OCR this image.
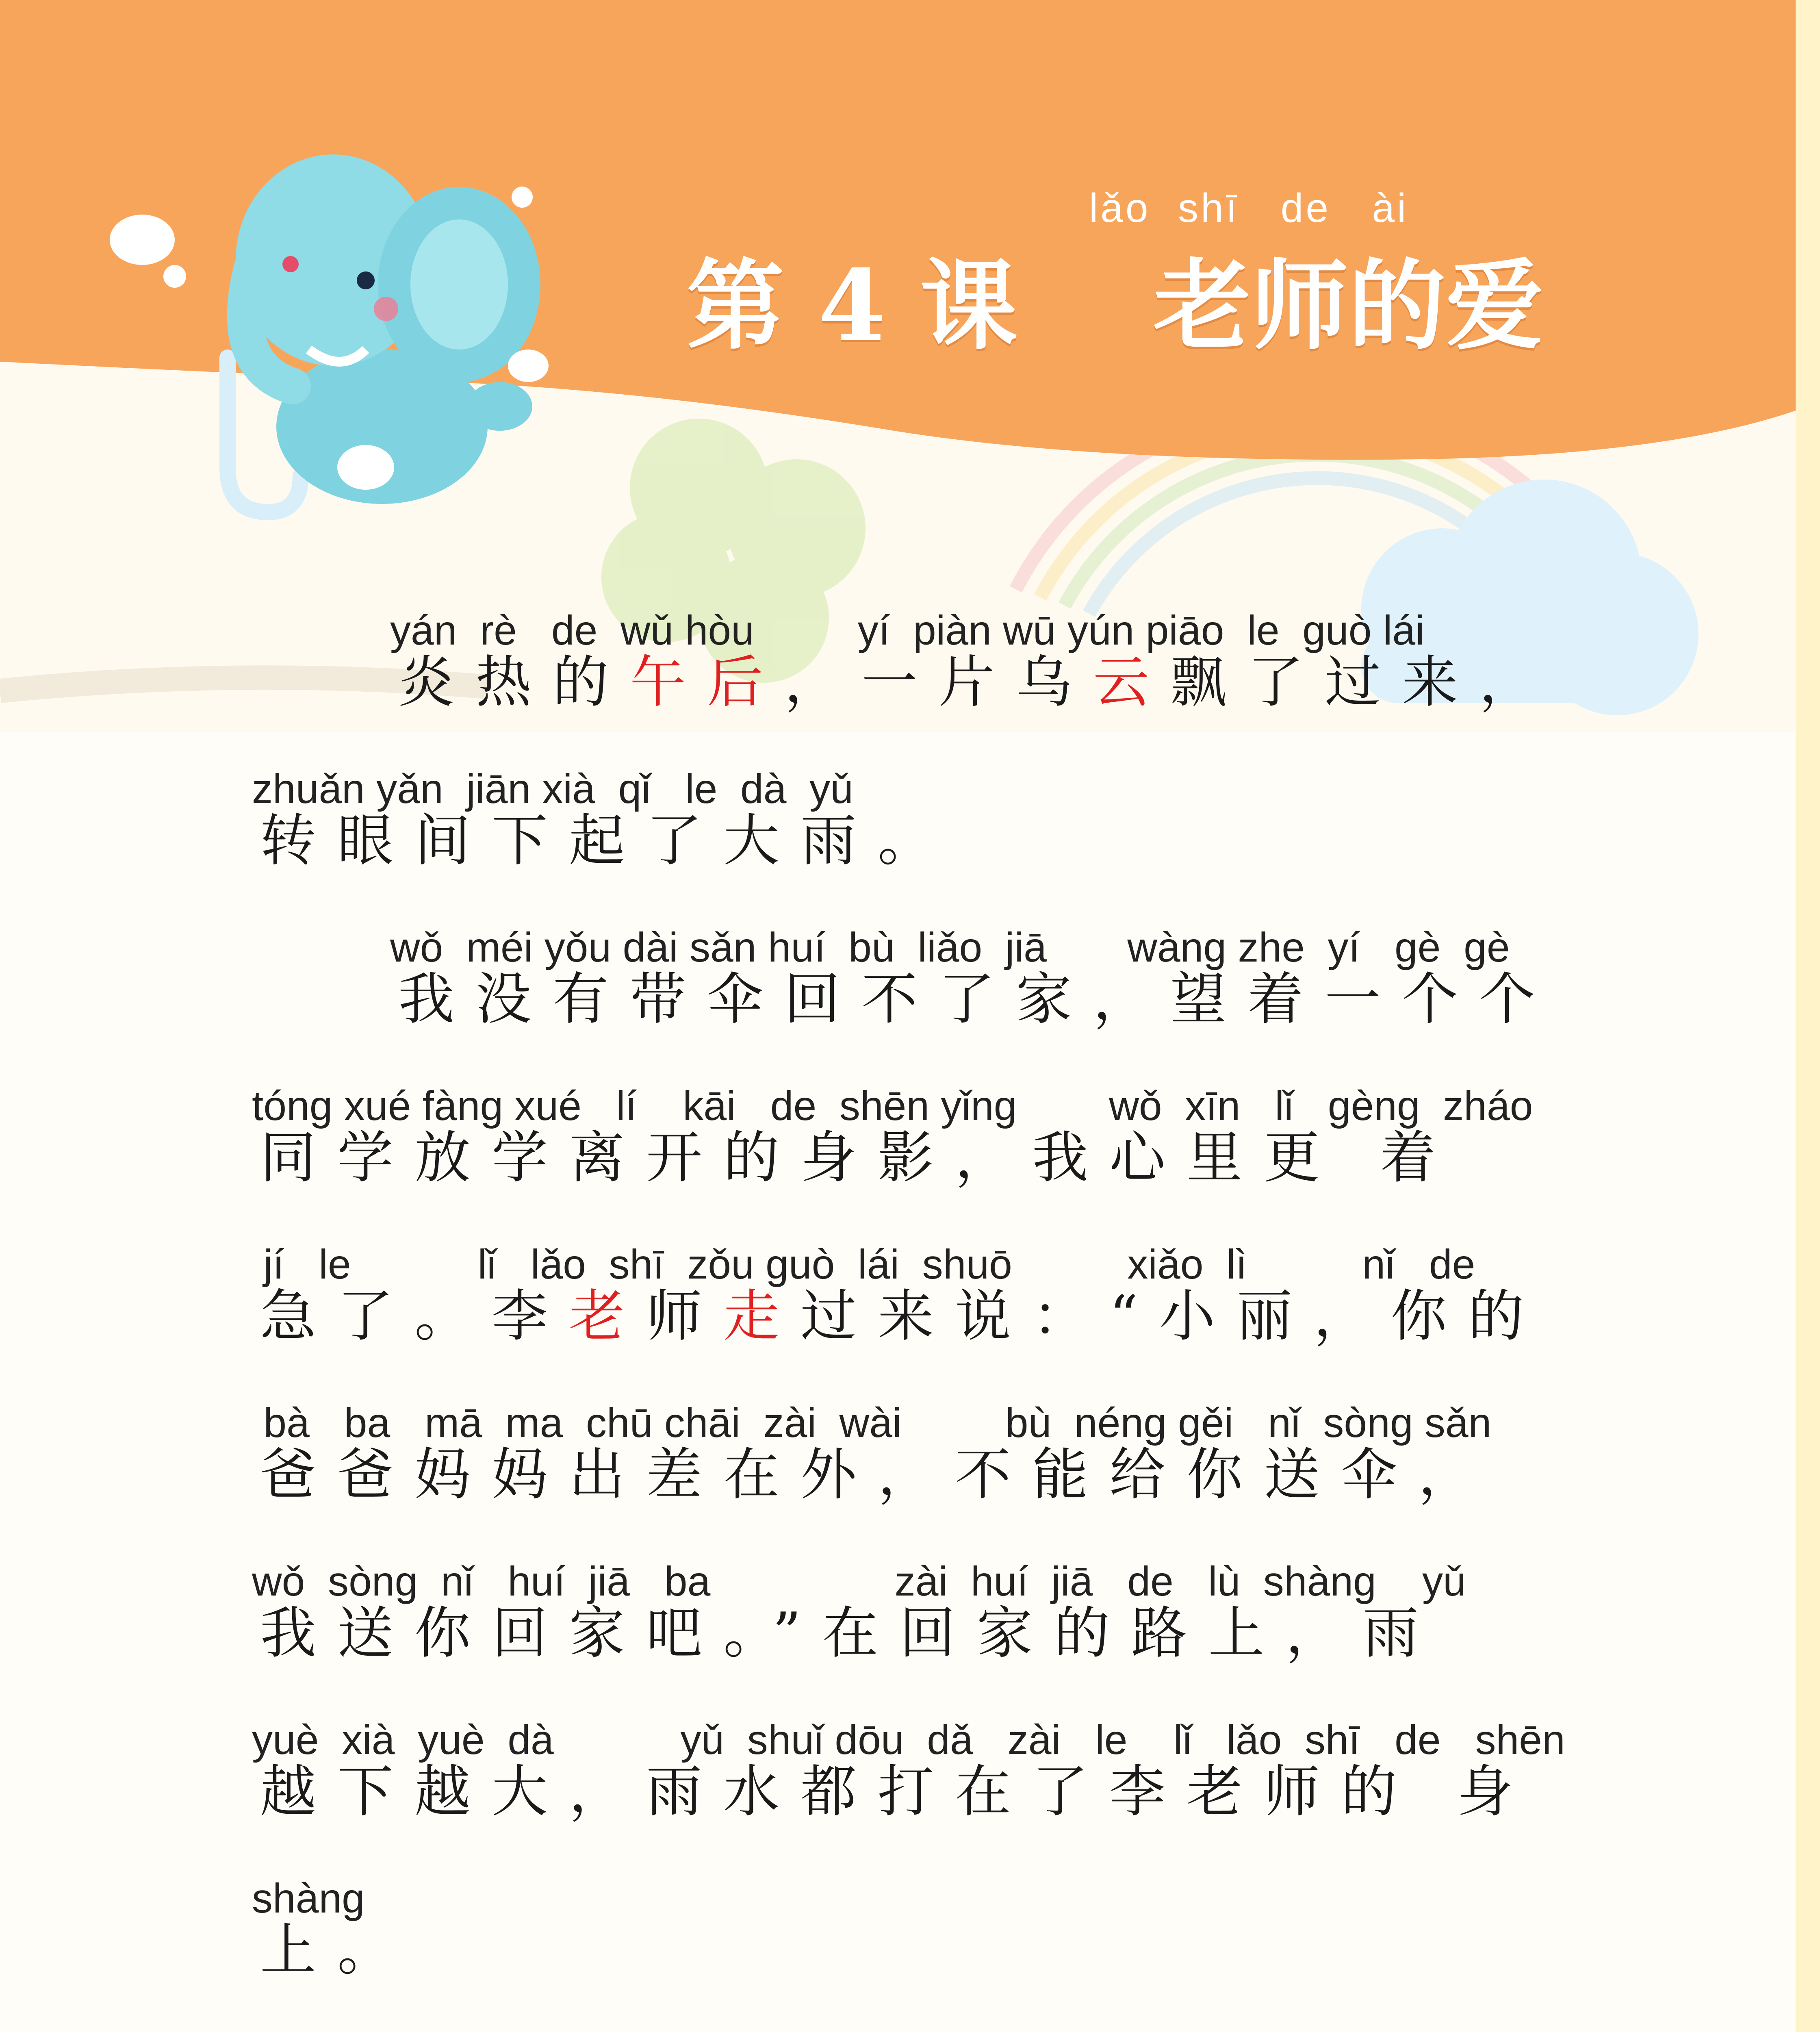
lǎo  shī   de   ài
第 4 课 老师的爱
yán  rè   de  wǔ hòu         yí  piàn wū yún piāo  le  guò lái
炎热的午后，一片乌云飘了过来，
zhuǎn yǎn  jiān xià  qǐ   le  dà  yǔ
转眼间下起了大雨。
wǒ  méi yǒu dài sǎn huí  bù  liǎo  jiā       wàng zhe  yí   gè  gè
我没有带伞回不了家，望着一个个
tóng xué fàng xué   lí    kāi   de  shēn yǐng        wǒ  xīn   lǐ   gèng  zháo
同学放学离开的身影，我心里更 着
jí   le           lǐ   lǎo  shī  zǒu guò  lái  shuō          xiǎo  lì          nǐ   de
急了。李老师走过来说：“小丽，你的
bà   ba   mā  ma  chū chāi  zài  wài         bù  néng gěi   nǐ  sòng sǎn
爸爸妈妈出差在外，不能给你送伞，
wǒ  sòng  nǐ   huí  jiā   ba                zài  huí  jiā   de   lù  shàng    yǔ
我送你回家吧。”在回家的路上，雨
yuè  xià  yuè  dà           yǔ  shuǐ dōu  dǎ   zài   le    lǐ   lǎo  shī   de   shēn
越下越大，雨水都打在了李老师的 身
shàng
上。
